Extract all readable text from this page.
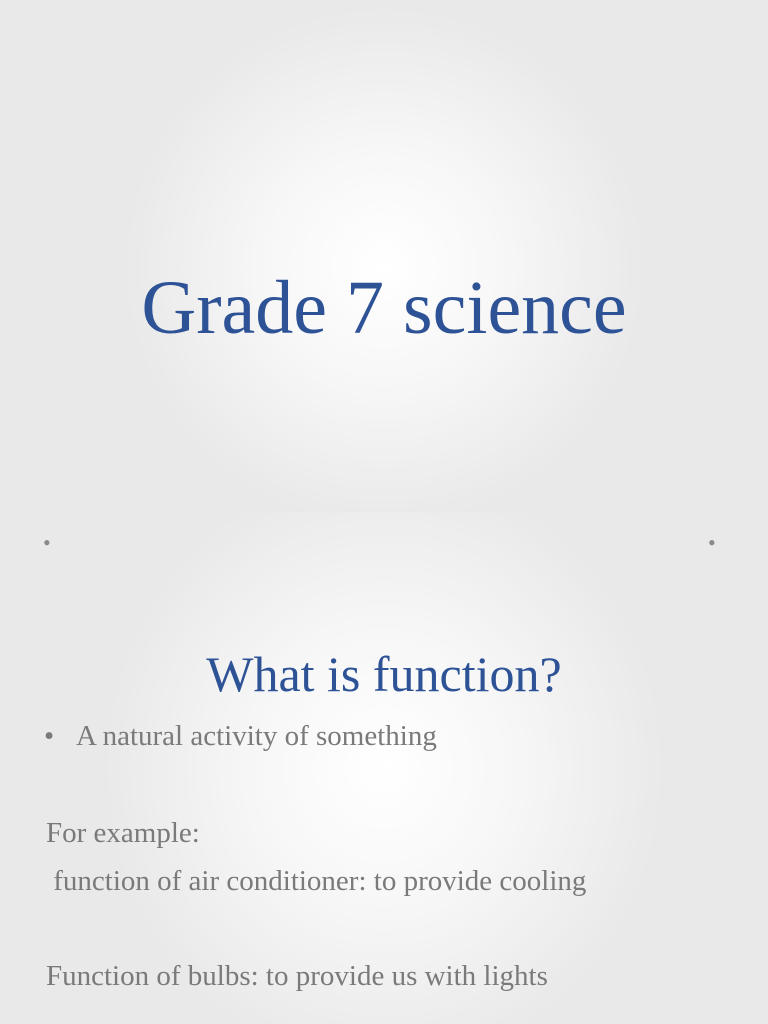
Grade 7 science
•	•
What is function?
• A natural activity of something
For example:
function of air conditioner: to provide cooling
Function of bulbs: to provide us with lights
